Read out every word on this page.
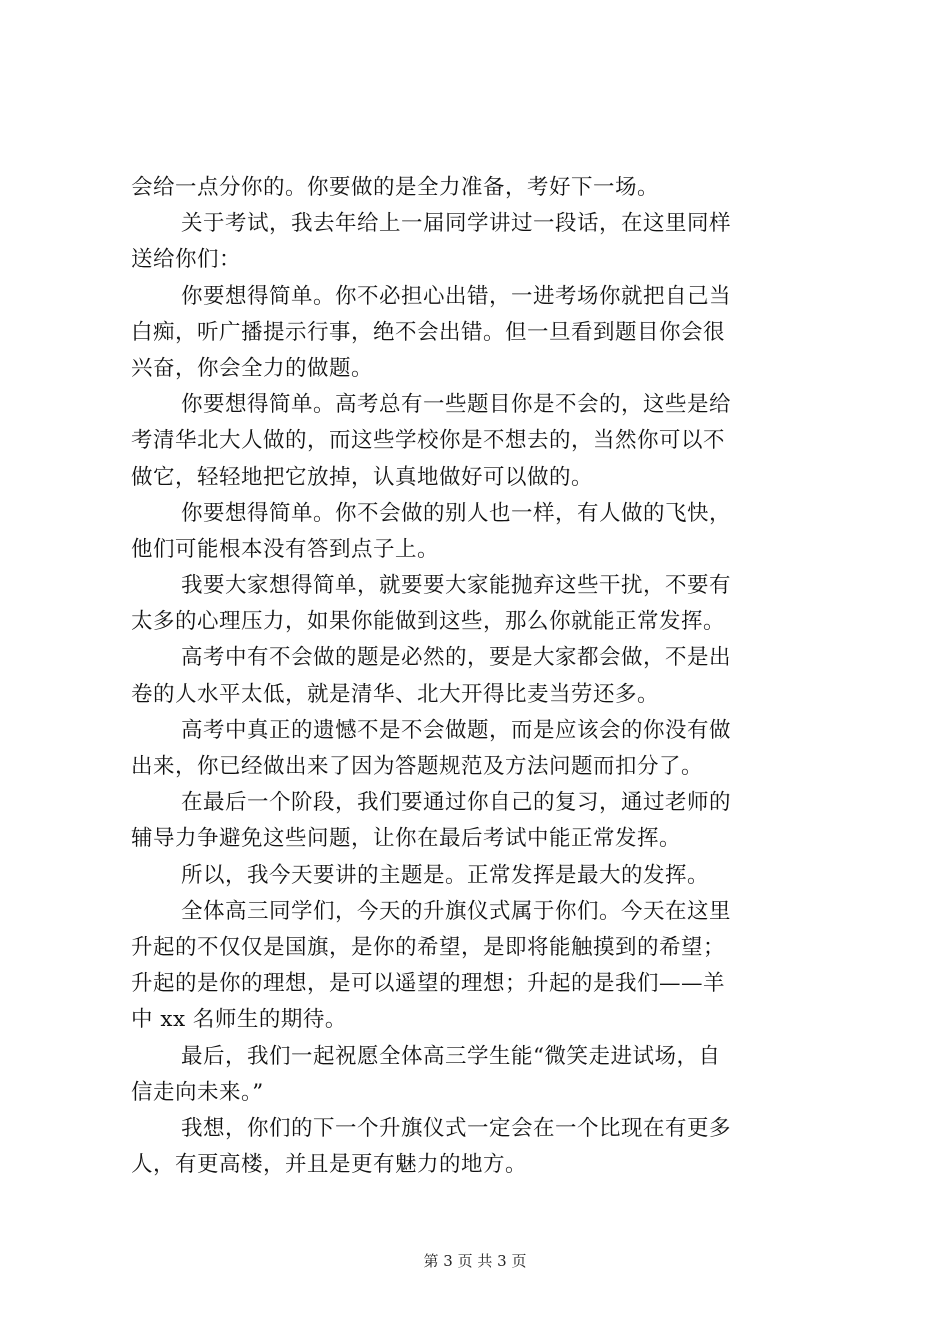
会给一点分你的。你要做的是全力准备，考好下一场。
关于考试，我去年给上一届同学讲过一段话，在这里同样
送给你们：
你要想得简单。你不必担心出错，一进考场你就把自己当
白痴，听广播提示行事，绝不会出错。但一旦看到题目你会很
兴奋，你会全力的做题。
你要想得简单。高考总有一些题目你是不会的，这些是给
考清华北大人做的，而这些学校你是不想去的，当然你可以不
做它，轻轻地把它放掉，认真地做好可以做的。
你要想得简单。你不会做的别人也一样，有人做的飞快，
他们可能根本没有答到点子上。
我要大家想得简单，就要要大家能抛弃这些干扰，不要有
太多的心理压力，如果你能做到这些，那么你就能正常发挥。
高考中有不会做的题是必然的，要是大家都会做，不是出
卷的人水平太低，就是清华、北大开得比麦当劳还多。
高考中真正的遗憾不是不会做题，而是应该会的你没有做
出来，你已经做出来了因为答题规范及方法问题而扣分了。
在最后一个阶段，我们要通过你自己的复习，通过老师的
辅导力争避免这些问题，让你在最后考试中能正常发挥。
所以，我今天要讲的主题是。正常发挥是最大的发挥。
全体高三同学们，今天的升旗仪式属于你们。今天在这里
升起的不仅仅是国旗，是你的希望，是即将能触摸到的希望；
升起的是你的理想，是可以遥望的理想；升起的是我们——羊
中 xx 名师生的期待。
最后，我们一起祝愿全体高三学生能“微笑走进试场，自
信走向未来。”
我想，你们的下一个升旗仪式一定会在一个比现在有更多
人，有更高楼，并且是更有魅力的地方。
第 3 页 共 3 页
